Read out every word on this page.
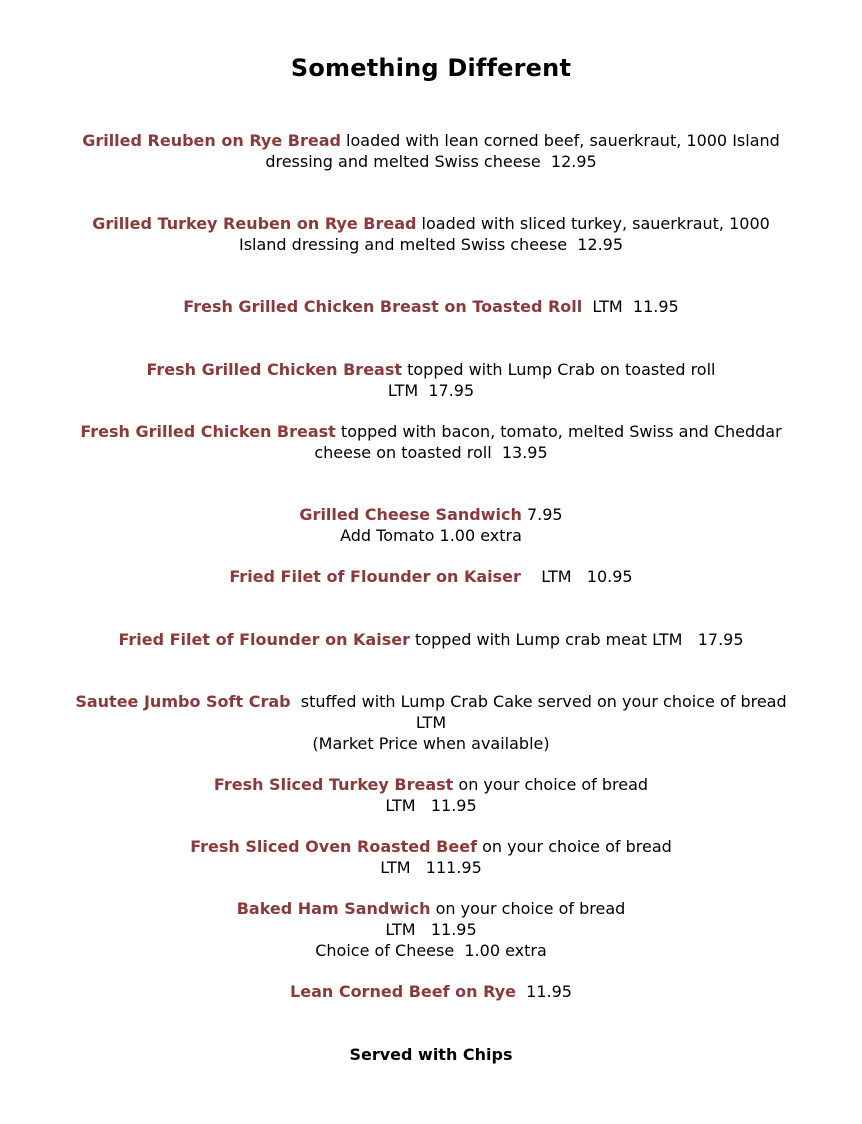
Something Different
Grilled Reuben on Rye Bread loaded with lean corned beef, sauerkraut, 1000 Island
dressing and melted Swiss cheese  12.95
Grilled Turkey Reuben on Rye Bread loaded with sliced turkey, sauerkraut, 1000
Island dressing and melted Swiss cheese  12.95
Fresh Grilled Chicken Breast on Toasted Roll  LTM  11.95
Fresh Grilled Chicken Breast topped with Lump Crab on toasted roll
LTM  17.95
Fresh Grilled Chicken Breast topped with bacon, tomato, melted Swiss and Cheddar
cheese on toasted roll  13.95
Grilled Cheese Sandwich 7.95
Add Tomato 1.00 extra
Fried Filet of Flounder on Kaiser    LTM   10.95
Fried Filet of Flounder on Kaiser topped with Lump crab meat LTM   17.95
Sautee Jumbo Soft Crab  stuffed with Lump Crab Cake served on your choice of bread
LTM
(Market Price when available)
Fresh Sliced Turkey Breast on your choice of bread
LTM   11.95
Fresh Sliced Oven Roasted Beef on your choice of bread
LTM   111.95
Baked Ham Sandwich on your choice of bread
LTM   11.95
Choice of Cheese  1.00 extra
Lean Corned Beef on Rye  11.95
Served with Chips
